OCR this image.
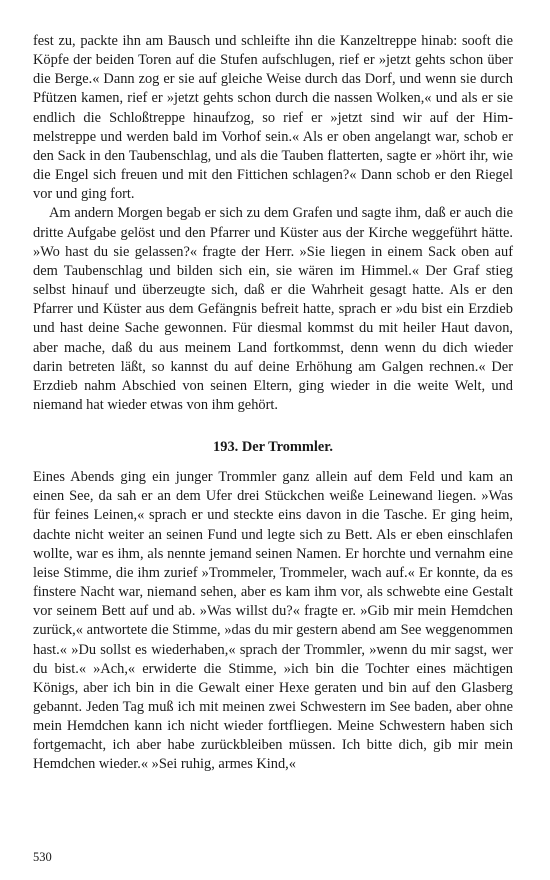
fest zu, packte ihn am Bausch und schleifte ihn die Kanzeltreppe hinab: sooft die Köpfe der beiden Toren auf die Stufen aufschlugen, rief er »jetzt gehts schon über die Berge.« Dann zog er sie auf gleiche Weise durch das Dorf, und wenn sie durch Pfützen kamen, rief er »jetzt gehts schon durch die nassen Wolken,« und als er sie endlich die Schloßtreppe hinaufzog, so rief er »jetzt sind wir auf der Himmelstreppe und werden bald im Vorhof sein.« Als er oben angelangt war, schob er den Sack in den Taubenschlag, und als die Tauben flatterten, sagte er »hört ihr, wie die Engel sich freuen und mit den Fittichen schlagen?« Dann schob er den Riegel vor und ging fort.

Am andern Morgen begab er sich zu dem Grafen und sagte ihm, daß er auch die dritte Aufgabe gelöst und den Pfarrer und Küster aus der Kirche weggeführt hätte. »Wo hast du sie gelassen?« fragte der Herr. »Sie liegen in einem Sack oben auf dem Taubenschlag und bilden sich ein, sie wären im Himmel.« Der Graf stieg selbst hinauf und überzeugte sich, daß er die Wahrheit gesagt hatte. Als er den Pfarrer und Küster aus dem Gefängnis befreit hatte, sprach er »du bist ein Erzdieb und hast deine Sache gewonnen. Für diesmal kommst du mit heiler Haut davon, aber mache, daß du aus meinem Land fortkommst, denn wenn du dich wieder darin betreten läßt, so kannst du auf deine Erhöhung am Galgen rechnen.« Der Erzdieb nahm Abschied von seinen Eltern, ging wieder in die weite Welt, und niemand hat wieder etwas von ihm gehört.

193. Der Trommler.

Eines Abends ging ein junger Trommler ganz allein auf dem Feld und kam an einen See, da sah er an dem Ufer drei Stückchen weiße Leinewand liegen. »Was für feines Leinen,« sprach er und steckte eins davon in die Tasche. Er ging heim, dachte nicht weiter an seinen Fund und legte sich zu Bett. Als er eben einschlafen wollte, war es ihm, als nennte jemand seinen Namen. Er horchte und vernahm eine leise Stimme, die ihm zurief »Trommeler, Trommeler, wach auf.« Er konnte, da es finstere Nacht war, niemand sehen, aber es kam ihm vor, als schwebte eine Gestalt vor seinem Bett auf und ab. »Was willst du?« fragte er. »Gib mir mein Hemdchen zurück,« antwortete die Stimme, »das du mir gestern abend am See weggenommen hast.« »Du sollst es wiederhaben,« sprach der Trommler, »wenn du mir sagst, wer du bist.« »Ach,« erwiderte die Stimme, »ich bin die Tochter eines mächtigen Königs, aber ich bin in die Gewalt einer Hexe geraten und bin auf den Glasberg gebannt. Jeden Tag muß ich mit meinen zwei Schwestern im See baden, aber ohne mein Hemdchen kann ich nicht wieder fortfliegen. Meine Schwestern haben sich fortgemacht, ich aber habe zurückbleiben müssen. Ich bitte dich, gib mir mein Hemdchen wieder.« »Sei ruhig, armes Kind,«

530
